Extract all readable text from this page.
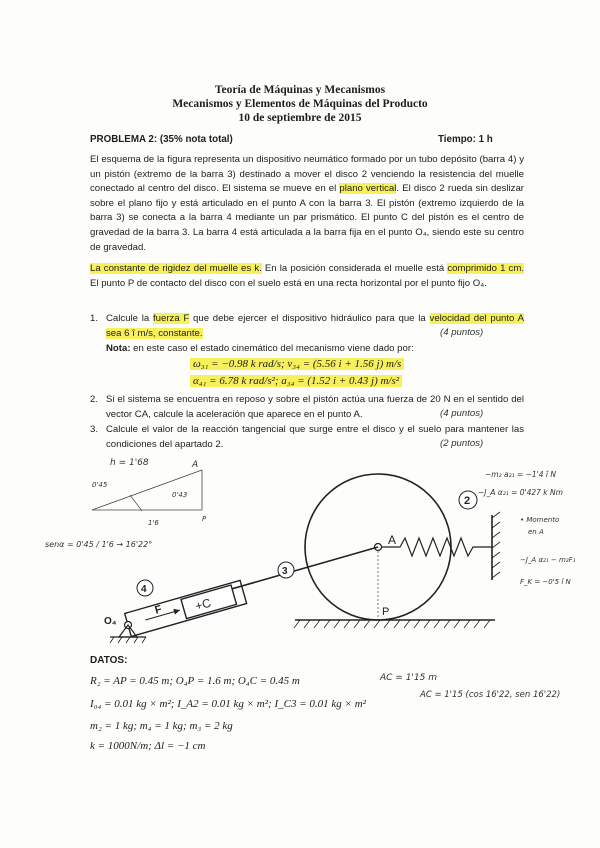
Teoría de Máquinas y Mecanismos
Mecanismos y Elementos de Máquinas del Producto
10 de septiembre de 2015
PROBLEMA 2: (35% nota total)	Tiempo: 1 h
El esquema de la figura representa un dispositivo neumático formado por un tubo depósito (barra 4) y un pistón (extremo de la barra 3) destinado a mover el disco 2 venciendo la resistencia del muelle conectado al centro del disco. El sistema se mueve en el plano vertical. El disco 2 rueda sin deslizar sobre el plano fijo y está articulado en el punto A con la barra 3. El pistón (extremo izquierdo de la barra 3) se conecta a la barra 4 mediante un par prismático. El punto C del pistón es el centro de gravedad de la barra 3. La barra 4 está articulada a la barra fija en el punto O₄, siendo este su centro de gravedad.
La constante de rigidez del muelle es k. En la posición considerada el muelle está comprimido 1 cm. El punto P de contacto del disco con el suelo está en una recta horizontal por el punto fijo O₄.
1. Calcule la fuerza F que debe ejercer el dispositivo hidráulico para que la velocidad del punto A sea 6 î m/s, constante.	(4 puntos)
Nota: en este caso el estado cinemático del mecanismo viene dado por:
ω₃₁ = −0.98 k rad/s; v₃₄ = (5.56 i + 1.56 j) m/s
α₄₁ = 6.78 k rad/s²; a₃₄ = (1.52 i + 0.43 j) m/s²
2. Si el sistema se encuentra en reposo y sobre el pistón actúa una fuerza de 20 N en el sentido del vector CA, calcule la aceleración que aparece en el punto A.	(4 puntos)
3. Calcule el valor de la reacción tangencial que surge entre el disco y el suelo para mantener las condiciones del apartado 2.	(2 puntos)
h = 1'68	A
0'45
0'43
1'6	P
senα = 0'45 / 1'6 → 16'22°
−m₂ a₂₁ = −1'4 î N
−J_A α₂₁ = 0'427 k Nm
• Momento
en A
−J_A α₂₁ − m₂F₁
F_K = −0'5 î N
2
A
P
3
+C
F
4
O₄
DATOS:
R₂ = AP = 0.45 m; O₄P = 1.6 m; O₄C = 0.45 m
I₀₄ = 0.01 kg × m²; I_A2 = 0.01 kg × m²; I_C3 = 0.01 kg × m²
m₂ = 1 kg; m₄ = 1 kg; m₃ = 2 kg
k = 1000N/m; Δl = −1 cm
AC = 1'15 m
AC = 1'15 (cos 16'22, sen 16'22)
